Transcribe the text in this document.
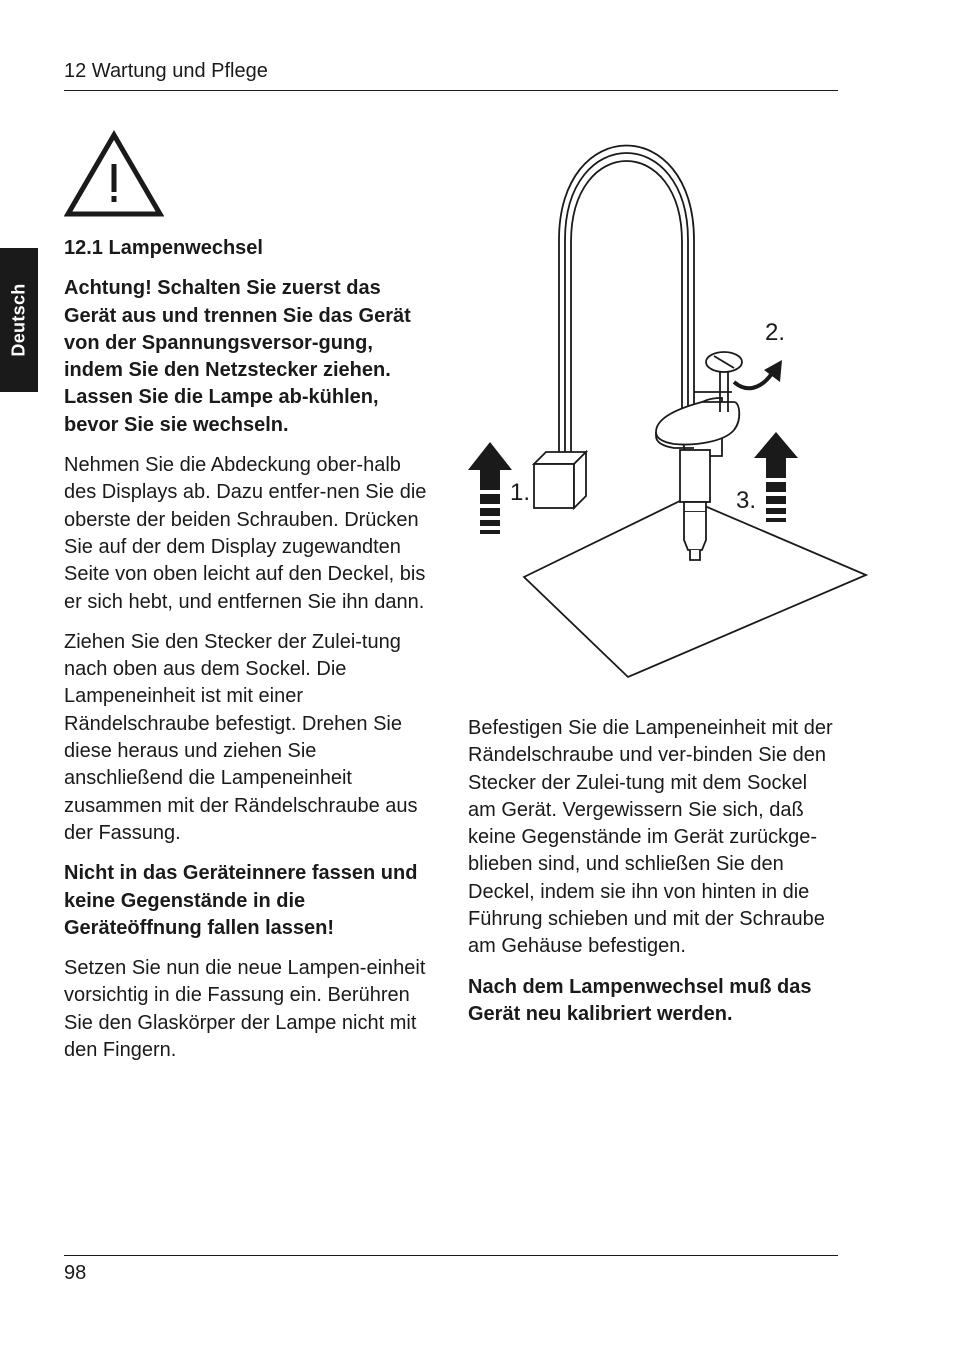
12 Wartung und Pflege
Deutsch
12.1 Lampenwechsel

Achtung! Schalten Sie zuerst das Gerät aus und trennen Sie das Gerät von der Spannungsversor-gung, indem Sie den Netzstecker ziehen. Lassen Sie die Lampe ab-kühlen, bevor Sie sie wechseln.

Nehmen Sie die Abdeckung ober-halb des Displays ab. Dazu entfer-nen Sie die oberste der beiden Schrauben. Drücken Sie auf der dem Display zugewandten Seite von oben leicht auf den Deckel, bis er sich hebt, und entfernen Sie ihn dann.

Ziehen Sie den Stecker der Zulei-tung nach oben aus dem Sockel. Die Lampeneinheit ist mit einer Rändelschraube befestigt. Drehen Sie diese heraus und ziehen Sie anschließend die Lampeneinheit zusammen mit der Rändelschraube aus der Fassung.

Nicht in das Geräteinnere fassen und keine Gegenstände in die Geräteöffnung fallen lassen!

Setzen Sie nun die neue Lampen-einheit vorsichtig in die Fassung ein. Berühren Sie den Glaskörper der Lampe nicht mit den Fingern.

1.
2.
3.

Befestigen Sie die Lampeneinheit mit der Rändelschraube und ver-binden Sie den Stecker der Zulei-tung mit dem Sockel am Gerät. Vergewissern Sie sich, daß keine Gegenstände im Gerät zurückge-blieben sind, und schließen Sie den Deckel, indem sie ihn von hinten in die Führung schieben und mit der Schraube am Gehäuse befestigen.

Nach dem Lampenwechsel muß das Gerät neu kalibriert werden.

98
